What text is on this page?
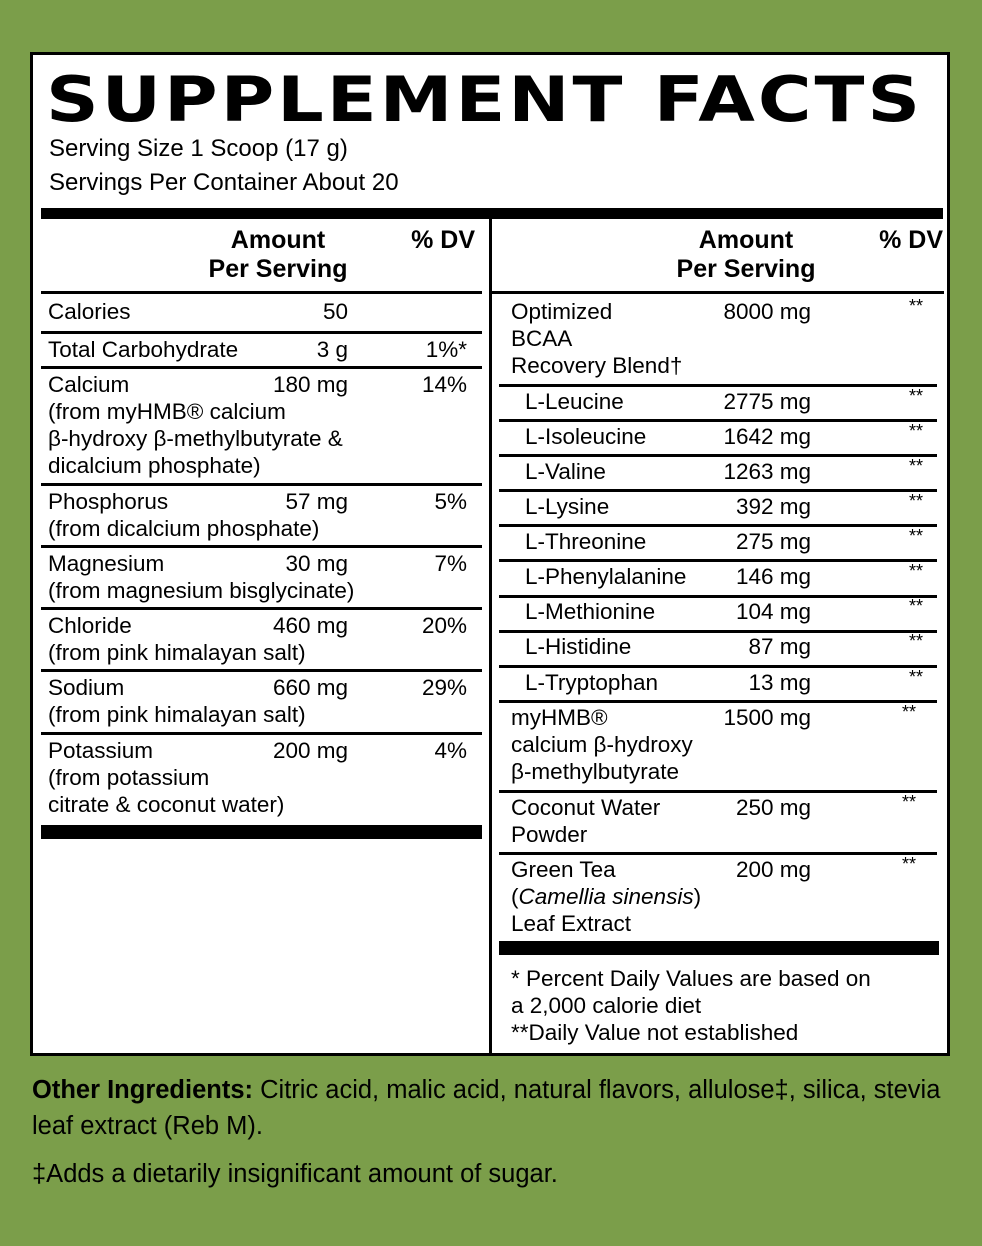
SUPPLEMENT FACTS
Serving Size 1 Scoop (17 g)
Servings Per Container About 20
Amount
Per Serving
% DV	Amount
Per Serving
% DV
Calories	50
Total Carbohydrate	3 g	1%*
Calcium	180 mg	14%
(from myHMB® calcium
β-hydroxy β-methylbutyrate &
dicalcium phosphate)
Phosphorus	57 mg	5%
(from dicalcium phosphate)
Magnesium	30 mg	7%
(from magnesium bisglycinate)
Chloride	460 mg	20%
(from pink himalayan salt)
Sodium	660 mg	29%
(from pink himalayan salt)
Potassium	200 mg	4%
(from potassium
citrate & coconut water)
Optimized
BCAA
Recovery Blend†
8000 mg	**
L-Leucine	2775 mg	**
L-Isoleucine	1642 mg	**
L-Valine	1263 mg	**
L-Lysine	392 mg	**
L-Threonine	275 mg	**
L-Phenylalanine	146 mg	**
L-Methionine	104 mg	**
L-Histidine	87 mg	**
L-Tryptophan	13 mg	**
myHMB®
calcium β-hydroxy
β-methylbutyrate
1500 mg	**
Coconut Water
Powder
250 mg	**
Green Tea
(Camellia sinensis)
Leaf Extract
200 mg	**
* Percent Daily Values are based on
a 2,000 calorie diet
**Daily Value not established
Other Ingredients: Citric acid, malic acid, natural flavors, allulose‡, silica, stevia leaf extract (Reb M).
‡Adds a dietarily insignificant amount of sugar.
